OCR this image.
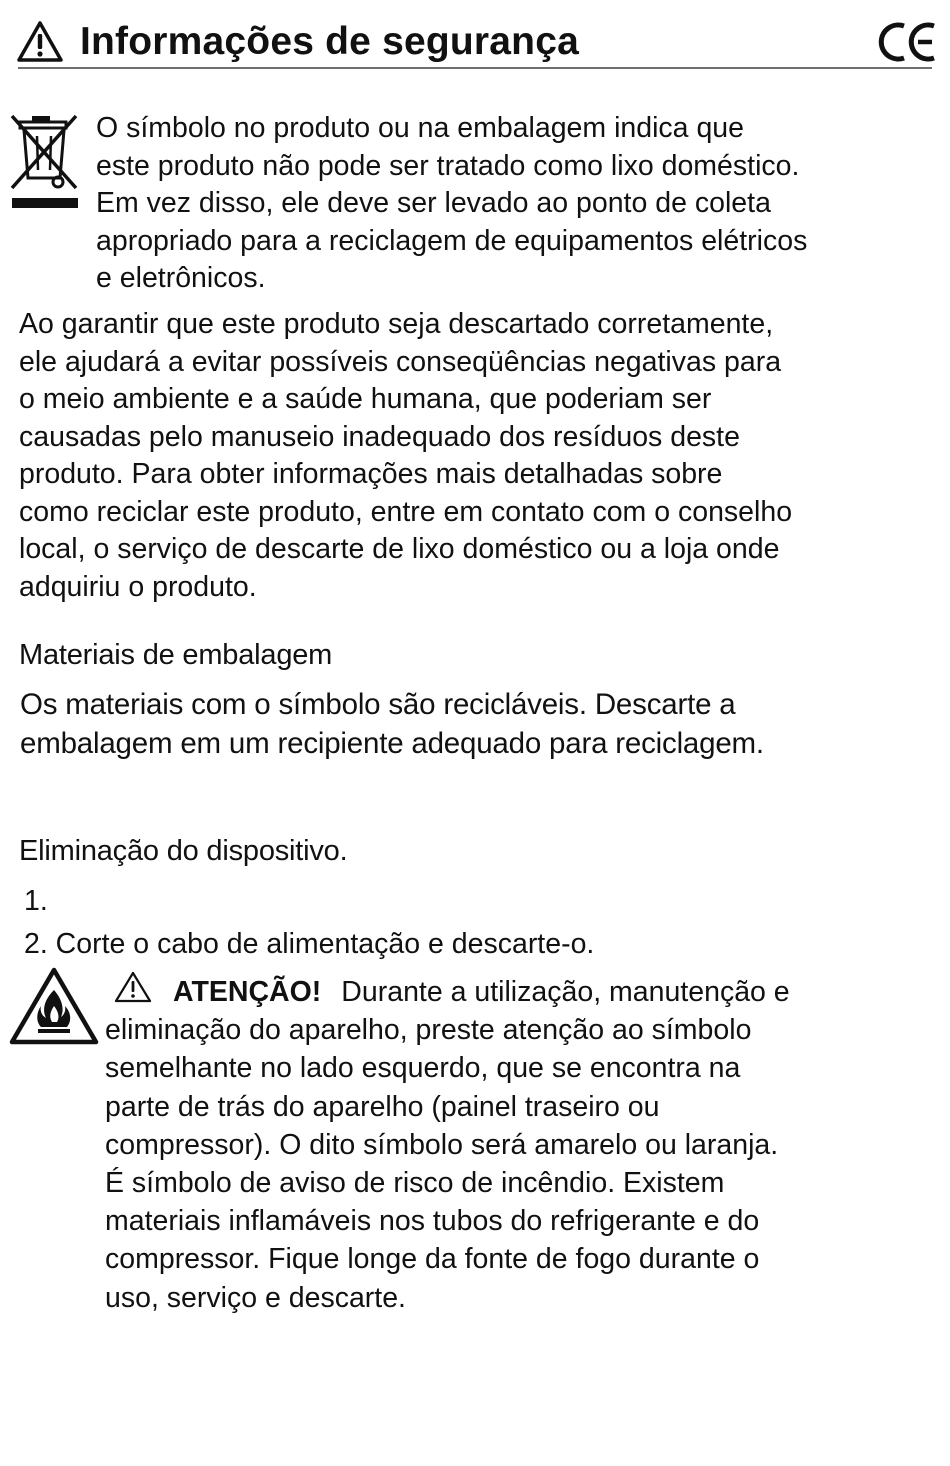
Informações de segurança
O símbolo no produto ou na embalagem indica que
este produto não pode ser tratado como lixo doméstico.
Em vez disso, ele deve ser levado ao ponto de coleta
apropriado para a reciclagem de equipamentos elétricos
e eletrônicos.
Ao garantir que este produto seja descartado corretamente,
ele ajudará a evitar possíveis conseqüências negativas para
o meio ambiente e a saúde humana, que poderiam ser
causadas pelo manuseio inadequado dos resíduos deste
produto. Para obter informações mais detalhadas sobre
como reciclar este produto, entre em contato com o conselho
local, o serviço de descarte de lixo doméstico ou a loja onde
adquiriu o produto.
Materiais de embalagem
Os materiais com o símbolo são recicláveis. Descarte a
embalagem em um recipiente adequado para reciclagem.
Eliminação do dispositivo.
1.
2. Corte o cabo de alimentação e descarte-o.
ATENÇÃO! Durante a utilização, manutenção e
eliminação do aparelho, preste atenção ao símbolo
semelhante no lado esquerdo, que se encontra na
parte de trás do aparelho (painel traseiro ou
compressor). O dito símbolo será amarelo ou laranja.
É símbolo de aviso de risco de incêndio. Existem
materiais inflamáveis nos tubos do refrigerante e do
compressor. Fique longe da fonte de fogo durante o
uso, serviço e descarte.
